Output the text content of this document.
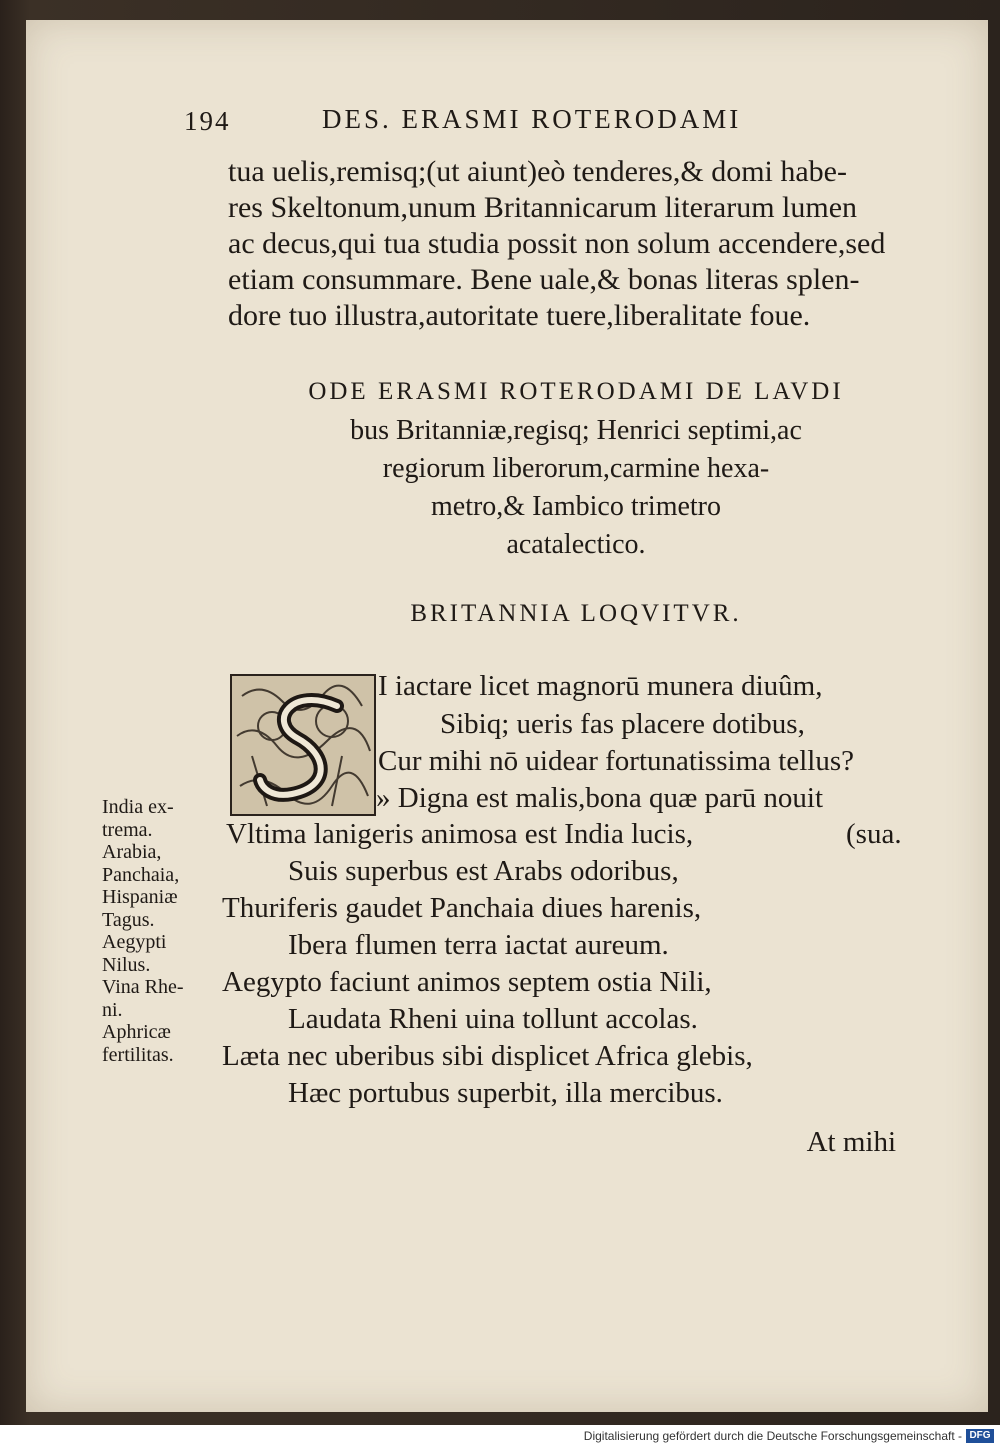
194	DES. ERASMI ROTERODAMI
tua uelis,remisq;(ut aiunt)eò tenderes,& domi habe-
res Skeltonum,unum Britannicarum literarum lumen
ac decus,qui tua studia possit non solum accendere,sed
etiam consummare. Bene uale,& bonas literas splen-
dore tuo illustra,autoritate tuere,liberalitate foue.
ODE ERASMI ROTERODAMI DE LAVDI
bus Britanniæ,regisq; Henrici septimi,ac
regiorum liberorum,carmine hexa-
metro,& Iambico trimetro
acatalectico.
BRITANNIA LOQVITVR.
I iactare licet magnorū munera diuûm,
Sibiq; ueris fas placere dotibus,
Cur mihi nō uidear fortunatissima tellus?
» Digna est malis,bona quæ parū nouit
Vltima lanigeris animosa est India lucis,	(sua.
Suis superbus est Arabs odoribus,
Thuriferis gaudet Panchaia diues harenis,
Ibera flumen terra iactat aureum.
Aegypto faciunt animos septem ostia Nili,
Laudata Rheni uina tollunt accolas.
Læta nec uberibus sibi displicet Africa glebis,
Hæc portubus superbit, illa mercibus.
India ex-
trema.
Arabia,
Panchaia,
Hispaniæ
Tagus.
Aegypti
Nilus.
Vina Rhe-
ni.
Aphricæ
fertilitas.
At mihi
Digitalisierung gefördert durch die Deutsche Forschungsgemeinschaft - DFG
